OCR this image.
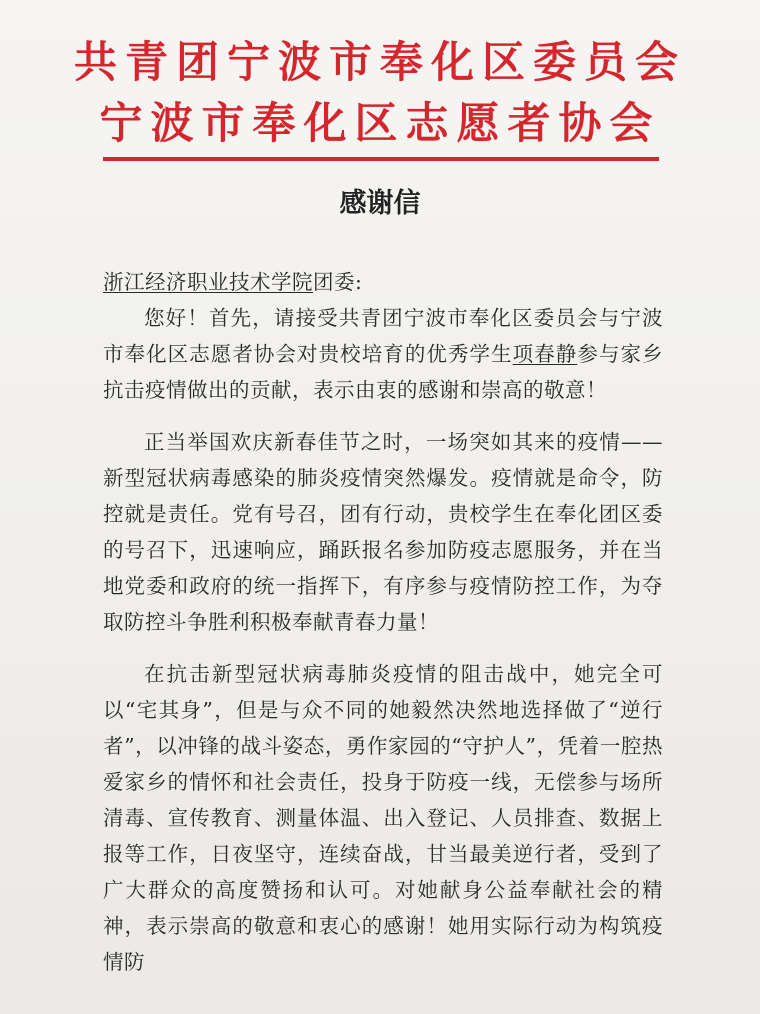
共青团宁波市奉化区委员会
宁波市奉化区志愿者协会
感谢信
浙江经济职业技术学院团委:

您好！首先，请接受共青团宁波市奉化区委员会与宁波市奉化区志愿者协会对贵校培育的优秀学生项春静参与家乡抗击疫情做出的贡献，表示由衷的感谢和崇高的敬意！

正当举国欢庆新春佳节之时，一场突如其来的疫情——新型冠状病毒感染的肺炎疫情突然爆发。疫情就是命令，防控就是责任。党有号召，团有行动，贵校学生在奉化团区委的号召下，迅速响应，踊跃报名参加防疫志愿服务，并在当地党委和政府的统一指挥下，有序参与疫情防控工作，为夺取防控斗争胜利积极奉献青春力量！

在抗击新型冠状病毒肺炎疫情的阻击战中，她完全可以“宅其身”，但是与众不同的她毅然决然地选择做了“逆行者”，以冲锋的战斗姿态，勇作家园的“守护人”，凭着一腔热爱家乡的情怀和社会责任，投身于防疫一线，无偿参与场所清毒、宣传教育、测量体温、出入登记、人员排查、数据上报等工作，日夜坚守，连续奋战，甘当最美逆行者，受到了广大群众的高度赞扬和认可。对她献身公益奉献社会的精神，表示崇高的敬意和衷心的感谢！她用实际行动为构筑疫情防
